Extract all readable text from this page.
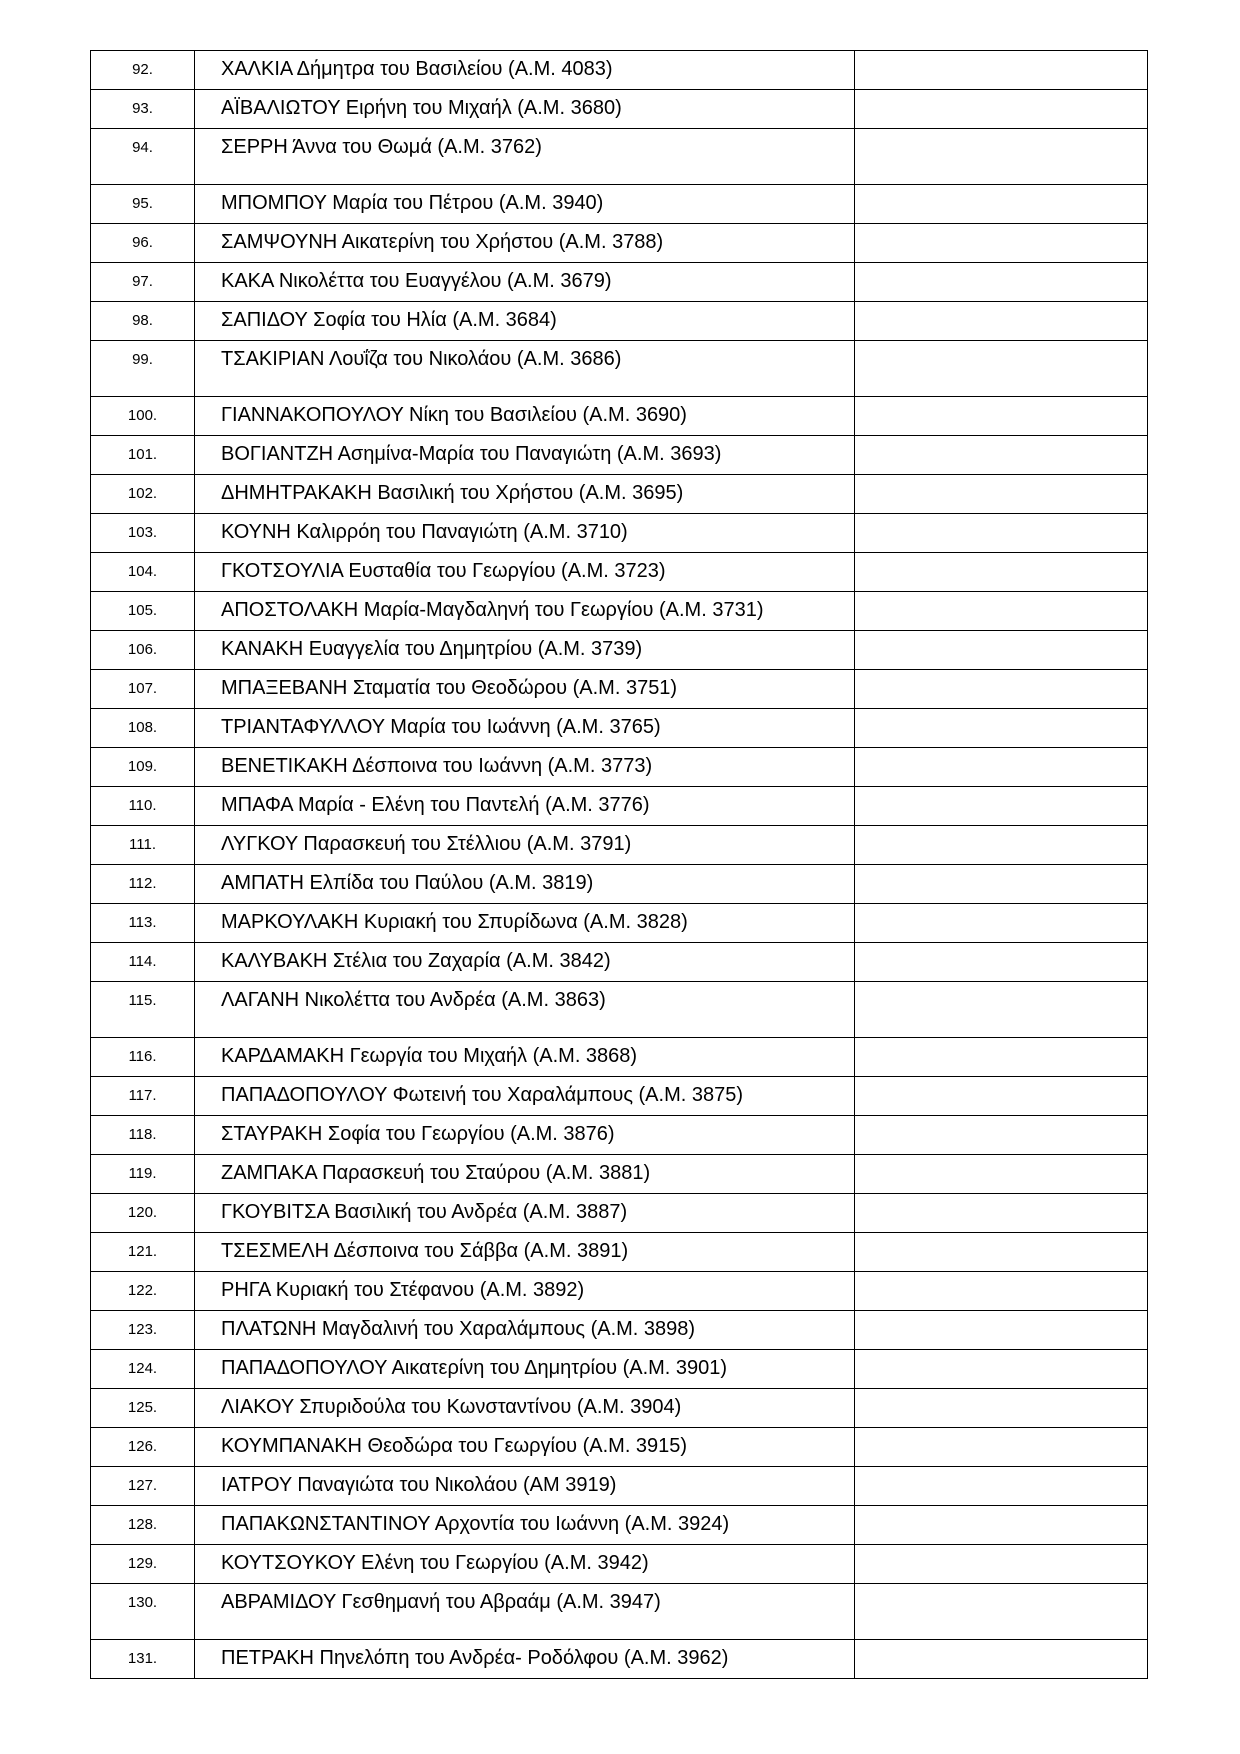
92.	ΧΑΛΚΙΑ Δήμητρα του Βασιλείου (Α.Μ. 4083)	

93.	ΑΪΒΑΛΙΩΤΟΥ Ειρήνη του Μιχαήλ (Α.Μ. 3680)	

94.	ΣΕΡΡΗ Άννα του Θωμά (Α.Μ. 3762)	

95.	ΜΠΟΜΠΟΥ Μαρία του Πέτρου (Α.Μ. 3940)	

96.	ΣΑΜΨΟΥΝΗ Αικατερίνη του Χρήστου (Α.Μ. 3788)	

97.	ΚΑΚΑ Νικολέττα του Ευαγγέλου (Α.Μ. 3679)	

98.	ΣΑΠΙΔΟΥ Σοφία του Ηλία (Α.Μ. 3684)	

99.	ΤΣΑΚΙΡΙΑΝ Λουΐζα του Νικολάου (Α.Μ. 3686)	

100.	ΓΙΑΝΝΑΚΟΠΟΥΛΟΥ Νίκη του Βασιλείου (Α.Μ. 3690)	

101.	ΒΟΓΙΑΝΤΖΗ Ασημίνα-Μαρία του Παναγιώτη (Α.Μ. 3693)	

102.	ΔΗΜΗΤΡΑΚΑΚΗ Βασιλική του Χρήστου (Α.Μ. 3695)	

103.	ΚΟΥΝΗ Καλιρρόη του Παναγιώτη (Α.Μ. 3710)	

104.	ΓΚΟΤΣΟΥΛΙΑ Ευσταθία του Γεωργίου (Α.Μ. 3723)	

105.	ΑΠΟΣΤΟΛΑΚΗ Μαρία-Μαγδαληνή του Γεωργίου (Α.Μ. 3731)	

106.	ΚΑΝΑΚΗ Ευαγγελία του Δημητρίου (Α.Μ. 3739)	

107.	ΜΠΑΞΕΒΑΝΗ Σταματία του Θεοδώρου (Α.Μ. 3751)	

108.	ΤΡΙΑΝΤΑΦΥΛΛΟΥ Μαρία του Ιωάννη (Α.Μ. 3765)	

109.	ΒΕΝΕΤΙΚΑΚΗ Δέσποινα του Ιωάννη (Α.Μ. 3773)	

110.	ΜΠΑΦΑ Μαρία - Ελένη του Παντελή (Α.Μ. 3776)	

111.	ΛΥΓΚΟΥ Παρασκευή του Στέλλιου (Α.Μ. 3791)	

112.	ΑΜΠΑΤΗ Ελπίδα του Παύλου (Α.Μ. 3819)	

113.	ΜΑΡΚΟΥΛΑΚΗ Κυριακή του Σπυρίδωνα (Α.Μ. 3828)	

114.	ΚΑΛΥΒΑΚΗ Στέλια του Ζαχαρία (Α.Μ. 3842)	

115.	ΛΑΓΑΝΗ Νικολέττα του Ανδρέα (Α.Μ. 3863)	

116.	ΚΑΡΔΑΜΑΚΗ Γεωργία του Μιχαήλ (Α.Μ. 3868)	

117.	ΠΑΠΑΔΟΠΟΥΛΟΥ Φωτεινή του Χαραλάμπους (Α.Μ. 3875)	

118.	ΣΤΑΥΡΑΚΗ Σοφία του Γεωργίου (Α.Μ. 3876)	

119.	ΖΑΜΠΑΚΑ Παρασκευή του Σταύρου (Α.Μ. 3881)	

120.	ΓΚΟΥΒΙΤΣΑ Βασιλική του Ανδρέα (Α.Μ. 3887)	

121.	ΤΣΕΣΜΕΛΗ Δέσποινα του Σάββα (Α.Μ. 3891)	

122.	ΡΗΓΑ Κυριακή του Στέφανου (Α.Μ. 3892)	

123.	ΠΛΑΤΩΝΗ Μαγδαλινή του Χαραλάμπους (Α.Μ. 3898)	

124.	ΠΑΠΑΔΟΠΟΥΛΟΥ Αικατερίνη του Δημητρίου (Α.Μ. 3901)	

125.	ΛΙΑΚΟΥ Σπυριδούλα του Κωνσταντίνου (Α.Μ. 3904)	

126.	ΚΟΥΜΠΑΝΑΚΗ Θεοδώρα του Γεωργίου (Α.Μ. 3915)	

127.	ΙΑΤΡΟΥ Παναγιώτα του Νικολάου (ΑΜ 3919)	

128.	ΠΑΠΑΚΩΝΣΤΑΝΤΙΝΟΥ Αρχοντία του Ιωάννη (Α.Μ. 3924)	

129.	ΚΟΥΤΣΟΥΚΟΥ Ελένη του Γεωργίου (Α.Μ. 3942)	

130.	ΑΒΡΑΜΙΔΟΥ Γεσθημανή του Αβραάμ (Α.Μ. 3947)	

131.	ΠΕΤΡΑΚΗ Πηνελόπη του Ανδρέα- Ροδόλφου (Α.Μ. 3962)	
